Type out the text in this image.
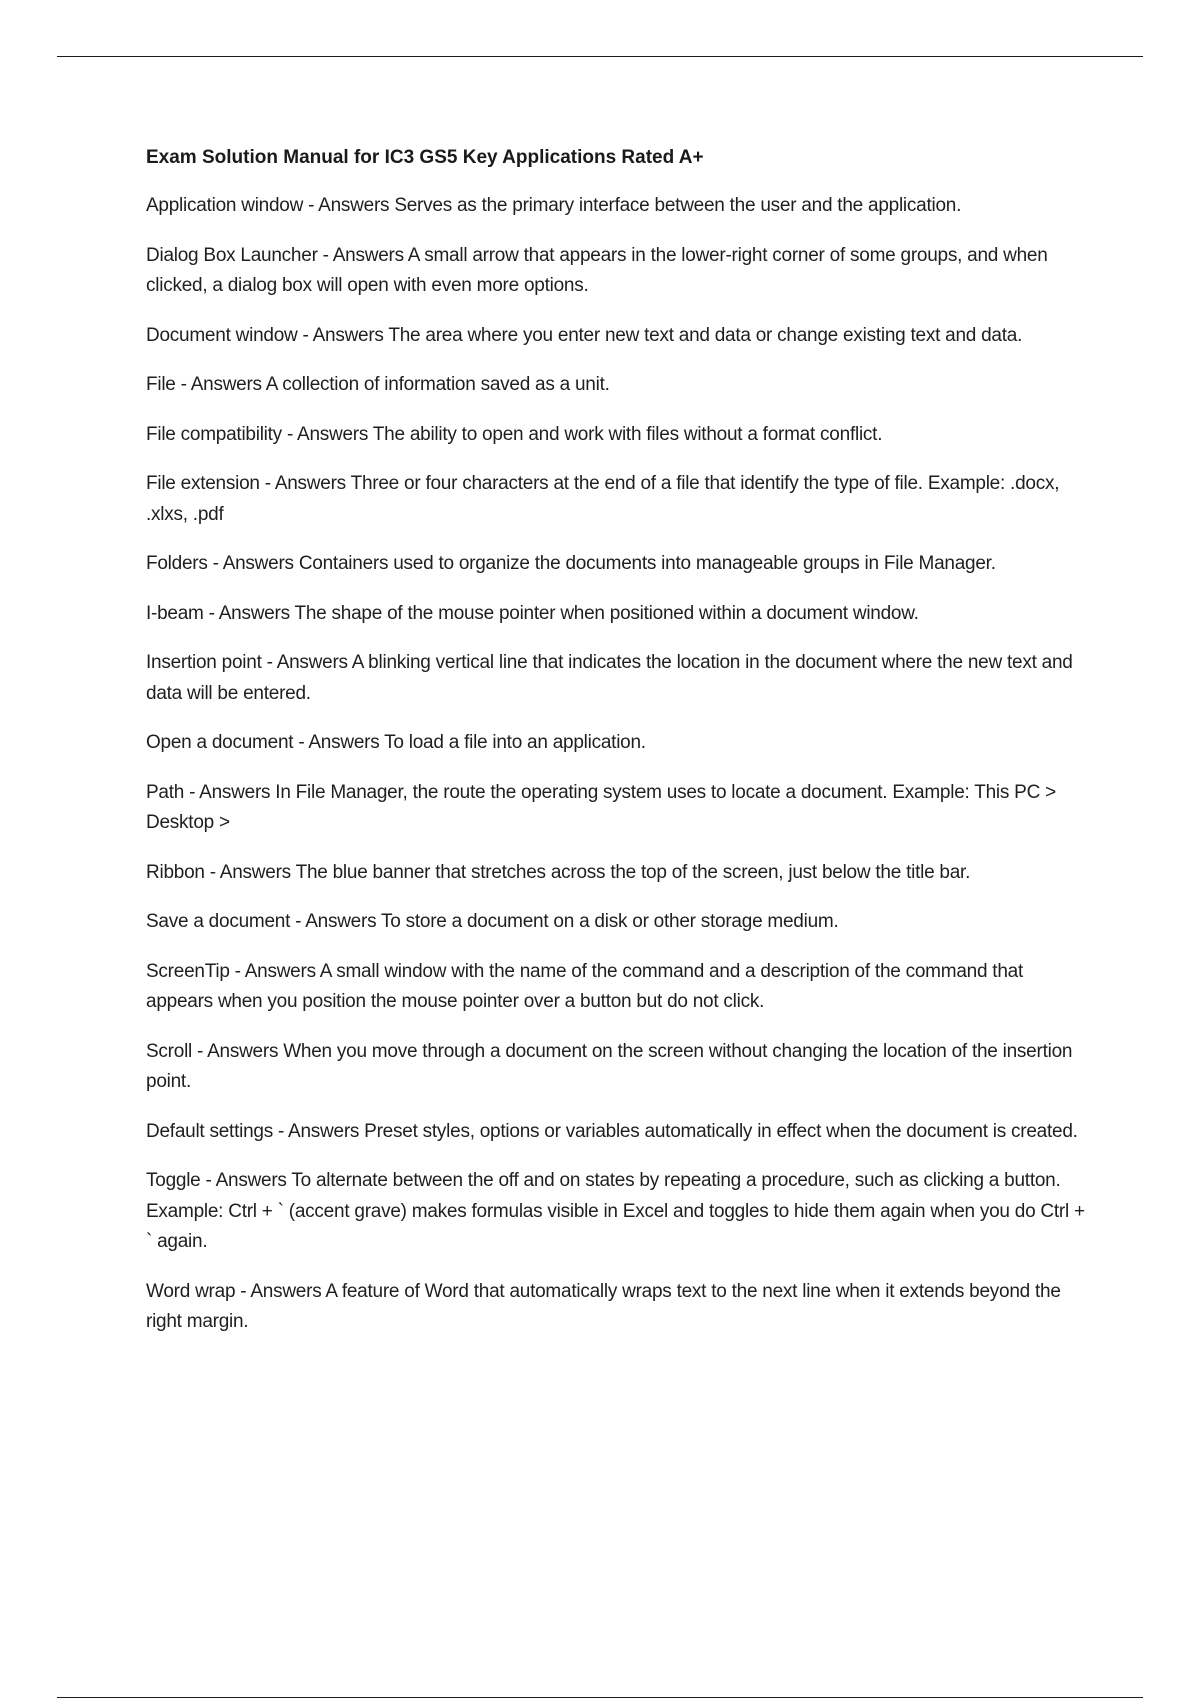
Exam Solution Manual for IC3 GS5 Key Applications Rated A+

Application window - Answers Serves as the primary interface between the user and the application.

Dialog Box Launcher - Answers A small arrow that appears in the lower-right corner of some groups, and when clicked, a dialog box will open with even more options.

Document window - Answers The area where you enter new text and data or change existing text and data.

File - Answers A collection of information saved as a unit.

File compatibility - Answers The ability to open and work with files without a format conflict.

File extension - Answers Three or four characters at the end of a file that identify the type of file. Example: .docx, .xlxs, .pdf

Folders - Answers Containers used to organize the documents into manageable groups in File Manager.

I-beam - Answers The shape of the mouse pointer when positioned within a document window.

Insertion point - Answers A blinking vertical line that indicates the location in the document where the new text and data will be entered.

Open a document - Answers To load a file into an application.

Path - Answers In File Manager, the route the operating system uses to locate a document. Example: This PC > Desktop >

Ribbon - Answers The blue banner that stretches across the top of the screen, just below the title bar.

Save a document - Answers To store a document on a disk or other storage medium.

ScreenTip - Answers A small window with the name of the command and a description of the command that appears when you position the mouse pointer over a button but do not click.

Scroll - Answers When you move through a document on the screen without changing the location of the insertion point.

Default settings - Answers Preset styles, options or variables automatically in effect when the document is created.

Toggle - Answers To alternate between the off and on states by repeating a procedure, such as clicking a button. Example: Ctrl + ` (accent grave) makes formulas visible in Excel and toggles to hide them again when you do Ctrl + ` again.

Word wrap - Answers A feature of Word that automatically wraps text to the next line when it extends beyond the right margin.
